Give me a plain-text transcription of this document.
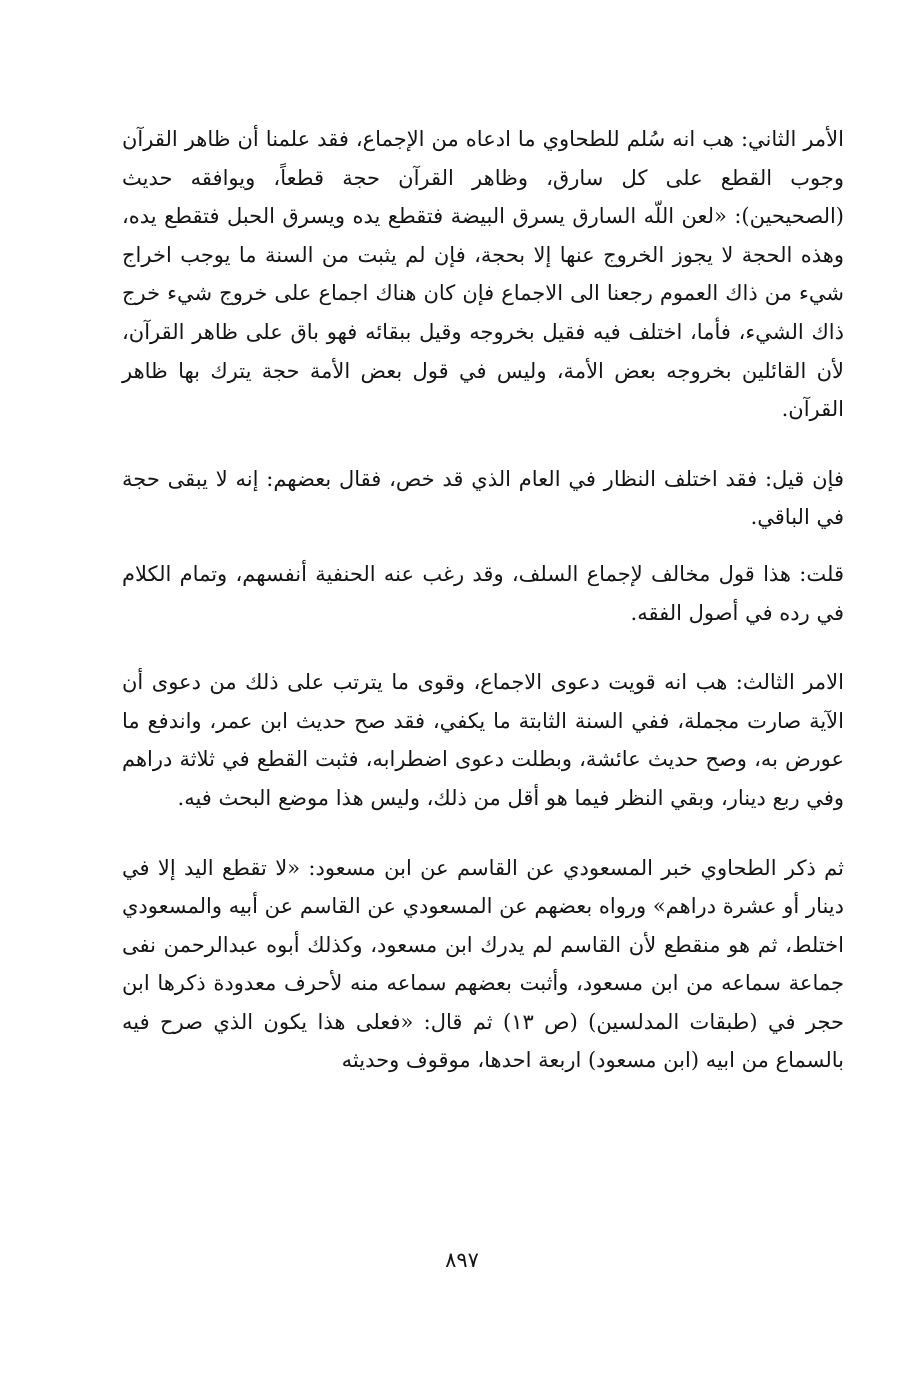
الأمر الثاني: هب انه سُلم للطحاوي ما ادعاه من الإجماع، فقد علمنا أن ظاهر القرآن وجوب القطع على كل سارق، وظاهر القرآن حجة قطعاً، ويوافقه حديث (الصحيحين): «لعن اللّه السارق يسرق البيضة فتقطع يده ويسرق الحبل فتقطع يده، وهذه الحجة لا يجوز الخروج عنها إلا بحجة، فإن لم يثبت من السنة ما يوجب اخراج شيء من ذاك العموم رجعنا الى الاجماع فإن كان هناك اجماع على خروج شيء خرج ذاك الشيء، فأما، اختلف فيه فقيل بخروجه وقيل ببقائه فهو باق على ظاهر القرآن، لأن القائلين بخروجه بعض الأمة، وليس في قول بعض الأمة حجة يترك بها ظاهر القرآن.

فإن قيل: فقد اختلف النظار في العام الذي قد خص، فقال بعضهم: إنه لا يبقى حجة في الباقي.

قلت: هذا قول مخالف لإجماع السلف، وقد رغب عنه الحنفية أنفسهم، وتمام الكلام في رده في أصول الفقه.

الامر الثالث: هب انه قويت دعوى الاجماع، وقوى ما يترتب على ذلك من دعوى أن الآية صارت مجملة، ففي السنة الثابتة ما يكفي، فقد صح حديث ابن عمر، واندفع ما عورض به، وصح حديث عائشة، وبطلت دعوى اضطرابه، فثبت القطع في ثلاثة دراهم وفي ربع دينار، وبقي النظر فيما هو أقل من ذلك، وليس هذا موضع البحث فيه.

ثم ذكر الطحاوي خبر المسعودي عن القاسم عن ابن مسعود: «لا تقطع اليد إلا في دينار أو عشرة دراهم» ورواه بعضهم عن المسعودي عن القاسم عن أبيه والمسعودي اختلط، ثم هو منقطع لأن القاسم لم يدرك ابن مسعود، وكذلك أبوه عبدالرحمن نفى جماعة سماعه من ابن مسعود، وأثبت بعضهم سماعه منه لأحرف معدودة ذكرها ابن حجر في (طبقات المدلسين) (ص ١٣) ثم قال: «فعلى هذا يكون الذي صرح فيه بالسماع من ابيه (ابن مسعود) اربعة احدها، موقوف وحديثه

٨٩٧
